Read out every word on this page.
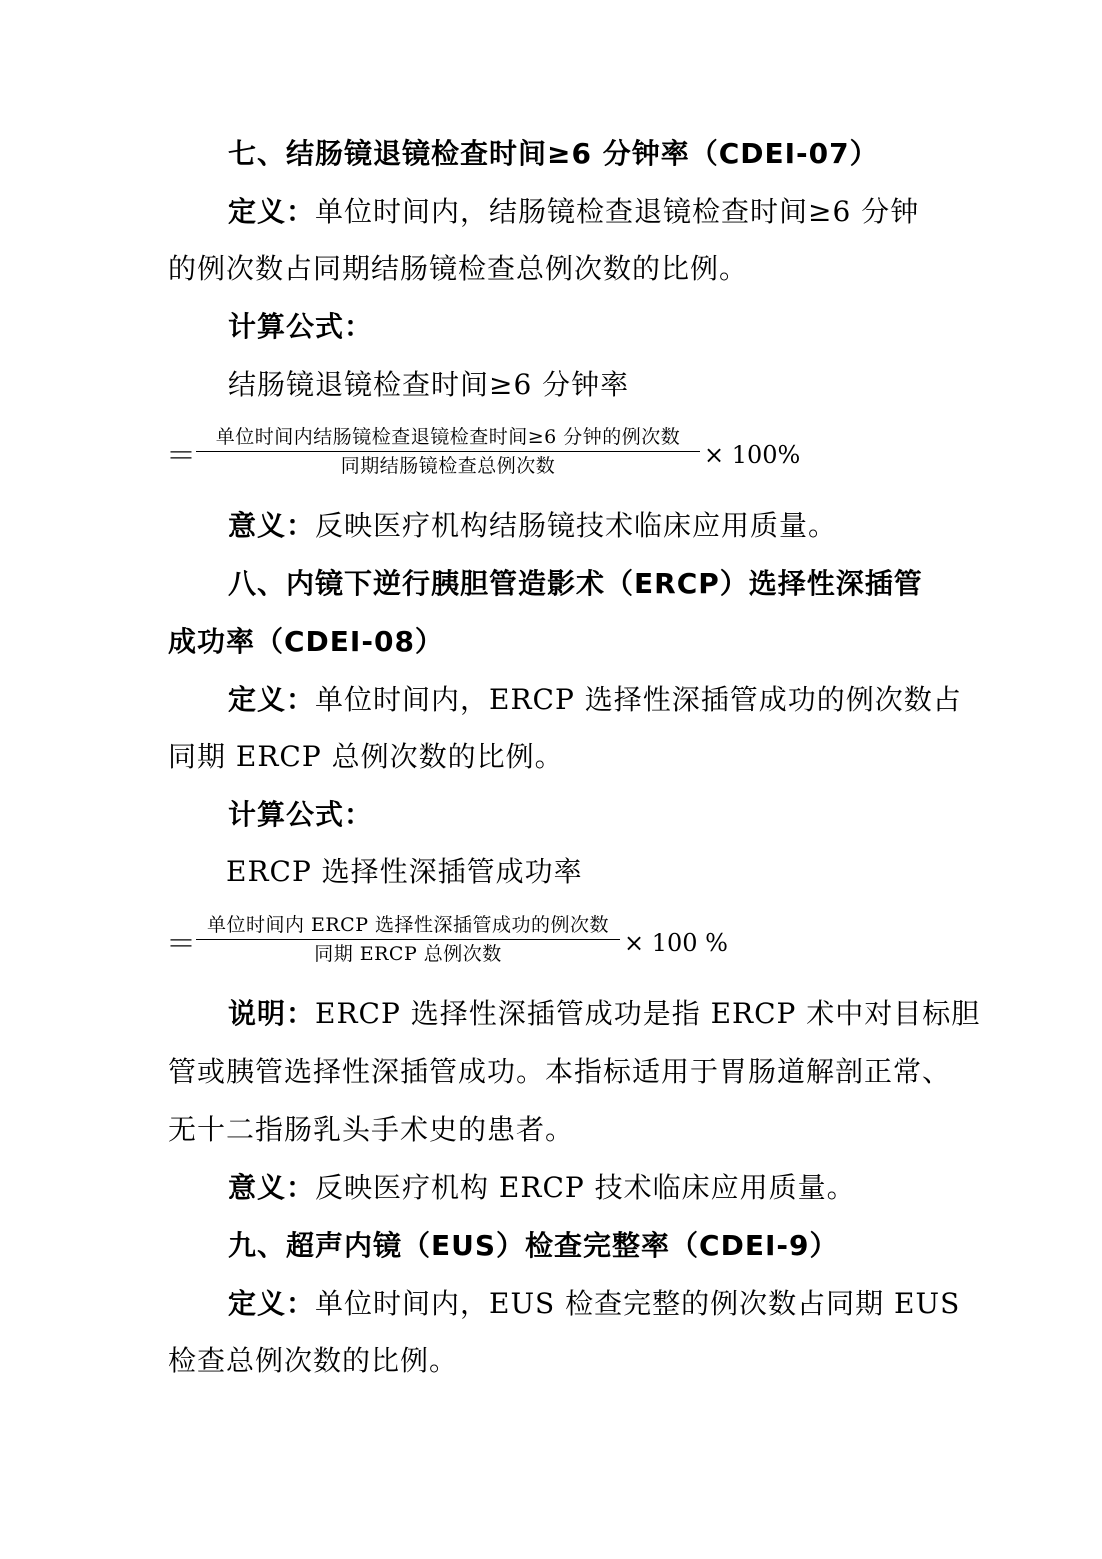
七、结肠镜退镜检查时间≥6 分钟率（CDEI-07）
定义：单位时间内，结肠镜检查退镜检查时间≥6 分钟
的例次数占同期结肠镜检查总例次数的比例。
计算公式：
结肠镜退镜检查时间≥6 分钟率
＝
单位时间内结肠镜检查退镜检查时间≥6 分钟的例次数
同期结肠镜检查总例次数	× 100%
意义：反映医疗机构结肠镜技术临床应用质量。
八、内镜下逆行胰胆管造影术（ERCP）选择性深插管
成功率（CDEI-08）
定义：单位时间内，ERCP 选择性深插管成功的例次数占
同期 ERCP 总例次数的比例。
计算公式：
ERCP 选择性深插管成功率
＝
单位时间内 ERCP 选择性深插管成功的例次数
同期 ERCP 总例次数	× 100 %
说明：ERCP 选择性深插管成功是指 ERCP 术中对目标胆
管或胰管选择性深插管成功。本指标适用于胃肠道解剖正常、
无十二指肠乳头手术史的患者。
意义：反映医疗机构 ERCP 技术临床应用质量。
九、超声内镜（EUS）检查完整率（CDEI-9）
定义：单位时间内，EUS 检查完整的例次数占同期 EUS
检查总例次数的比例。
